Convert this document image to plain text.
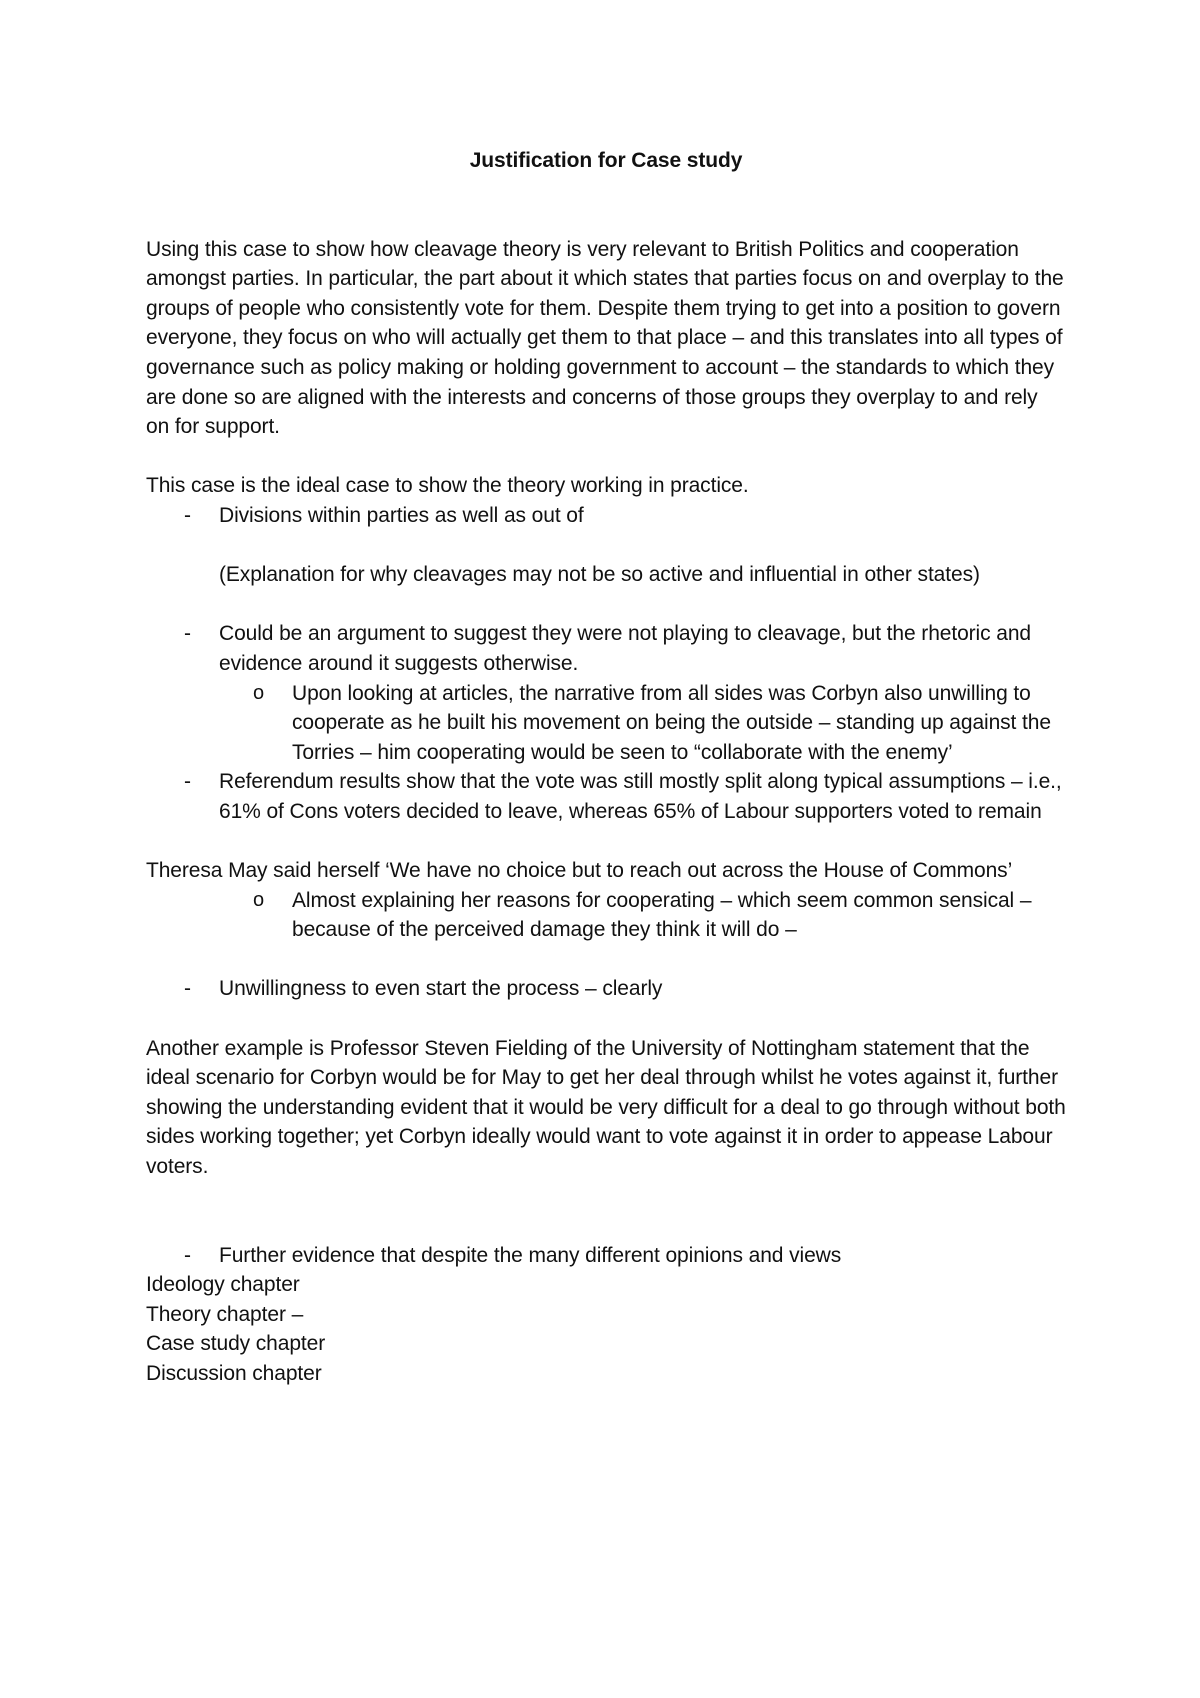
Justification for Case study

Using this case to show how cleavage theory is very relevant to British Politics and cooperation amongst parties. In particular, the part about it which states that parties focus on and overplay to the groups of people who consistently vote for them. Despite them trying to get into a position to govern everyone, they focus on who will actually get them to that place – and this translates into all types of governance such as policy making or holding government to account – the standards to which they are done so are aligned with the interests and concerns of those groups they overplay to and rely on for support.

This case is the ideal case to show the theory working in practice.

- Divisions within parties as well as out of
(Explanation for why cleavages may not be so active and influential in other states)
- Could be an argument to suggest they were not playing to cleavage, but the rhetoric and evidence around it suggests otherwise.
o Upon looking at articles, the narrative from all sides was Corbyn also unwilling to cooperate as he built his movement on being the outside – standing up against the Torries – him cooperating would be seen to “collaborate with the enemy’
- Referendum results show that the vote was still mostly split along typical assumptions – i.e., 61% of Cons voters decided to leave, whereas 65% of Labour supporters voted to remain

Theresa May said herself ‘We have no choice but to reach out across the House of Commons’

o Almost explaining her reasons for cooperating – which seem common sensical – because of the perceived damage they think it will do –
- Unwillingness to even start the process – clearly

Another example is Professor Steven Fielding of the University of Nottingham statement that the ideal scenario for Corbyn would be for May to get her deal through whilst he votes against it, further showing the understanding evident that it would be very difficult for a deal to go through without both sides working together; yet Corbyn ideally would want to vote against it in order to appease Labour voters.

- Further evidence that despite the many different opinions and views
Ideology chapter
Theory chapter –
Case study chapter
Discussion chapter
